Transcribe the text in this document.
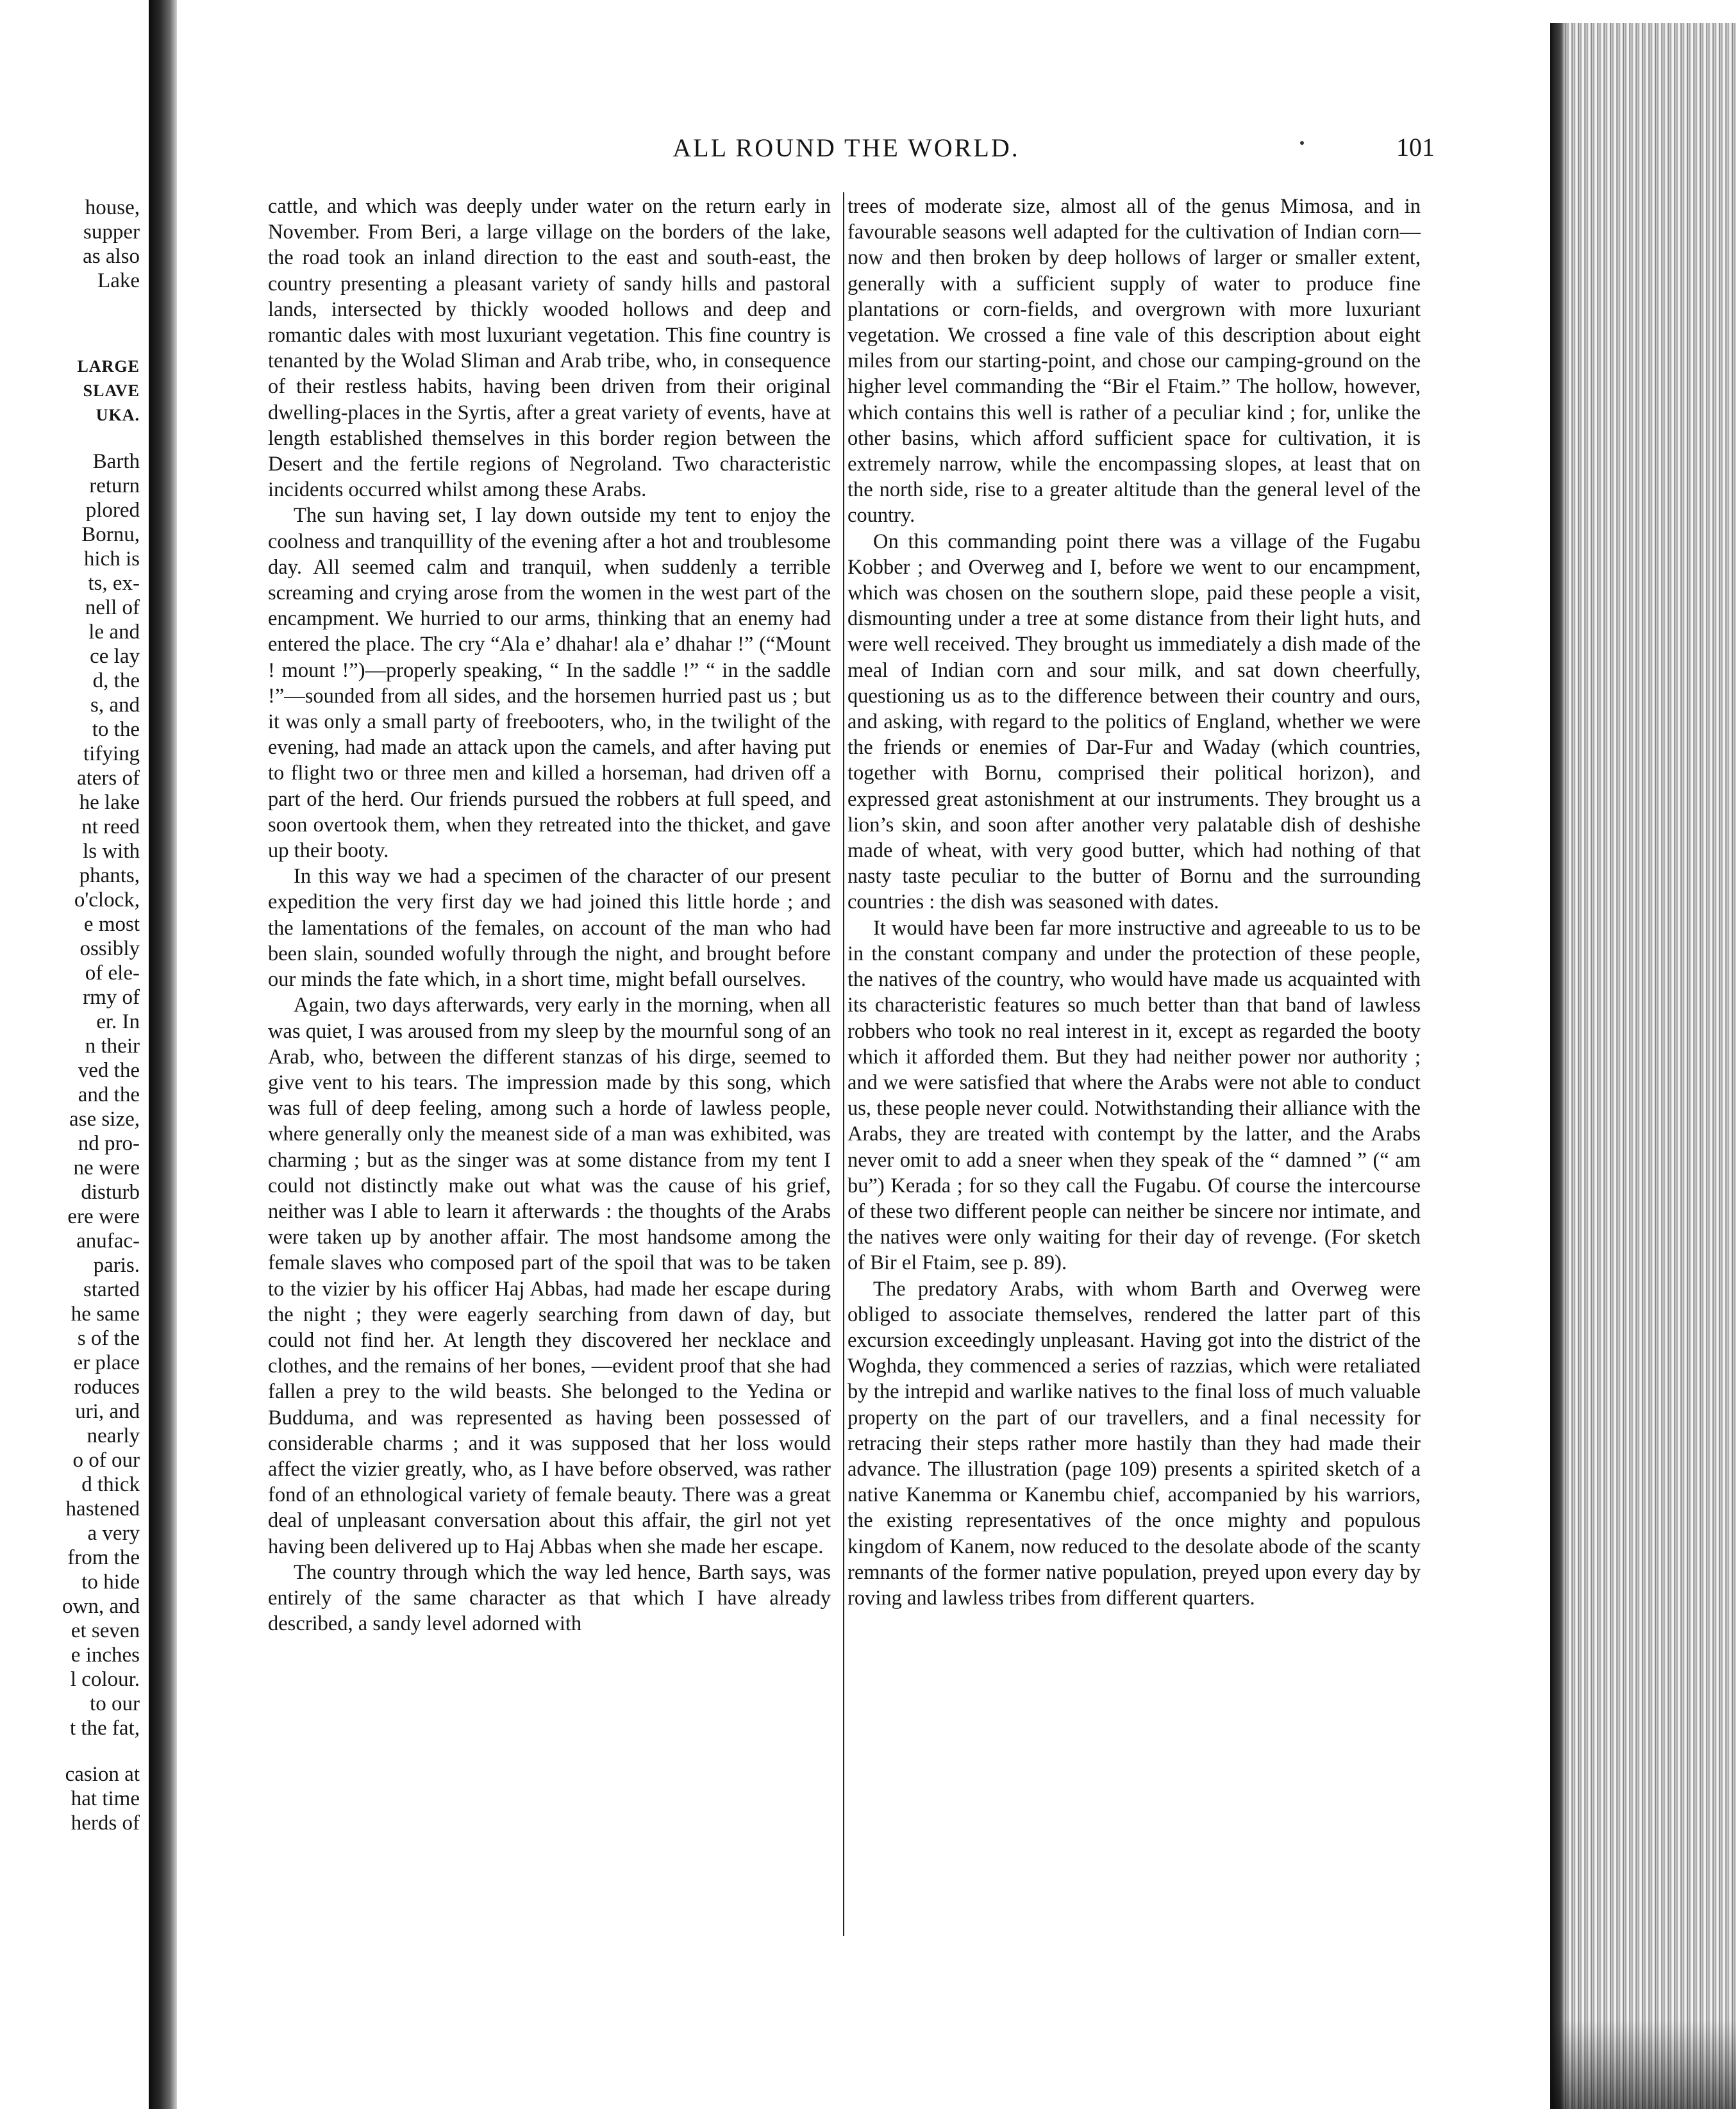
house,
supper
as also
Lake
LARGE
SLAVE
UKA.
Barth
return
plored
Bornu,
hich is
ts, ex-
nell of
le and
ce lay
d, the
s, and
to the
tifying
aters of
he lake
nt reed
ls with
phants,
o'clock,
e most
ossibly
of ele-
rmy of
er. In
n their
ved the
and the
ase size,
nd pro-
ne were
disturb
ere were
anufac-
paris.
started
he same
s of the
er place
roduces
uri, and
nearly
o of our
d thick
hastened
a very
from the
to hide
own, and
et seven
e inches
l colour.
to our
t the fat,
casion at
hat time
herds of
ALL ROUND THE WORLD.	101

cattle, and which was deeply under water on the return early in November. From Beri, a large village on the borders of the lake, the road took an inland direction to the east and south-east, the country presenting a pleasant variety of sandy hills and pastoral lands, intersected by thickly wooded hollows and deep and romantic dales with most luxuriant vegetation. This fine country is tenanted by the Wolad Sliman and Arab tribe, who, in consequence of their restless habits, having been driven from their original dwelling-places in the Syrtis, after a great variety of events, have at length established themselves in this border region between the Desert and the fertile regions of Negroland. Two characteristic incidents occurred whilst among these Arabs.

The sun having set, I lay down outside my tent to enjoy the coolness and tranquillity of the evening after a hot and troublesome day. All seemed calm and tranquil, when suddenly a terrible screaming and crying arose from the women in the west part of the encampment. We hurried to our arms, thinking that an enemy had entered the place. The cry “Ala e’ dhahar! ala e’ dhahar !” (“Mount ! mount !”)—properly speaking, “ In the saddle !” “ in the saddle !”—sounded from all sides, and the horsemen hurried past us ; but it was only a small party of freebooters, who, in the twilight of the evening, had made an attack upon the camels, and after having put to flight two or three men and killed a horseman, had driven off a part of the herd. Our friends pursued the robbers at full speed, and soon overtook them, when they retreated into the thicket, and gave up their booty.

In this way we had a specimen of the character of our present expedition the very first day we had joined this little horde ; and the lamentations of the females, on account of the man who had been slain, sounded wofully through the night, and brought before our minds the fate which, in a short time, might befall ourselves.

Again, two days afterwards, very early in the morning, when all was quiet, I was aroused from my sleep by the mournful song of an Arab, who, between the different stanzas of his dirge, seemed to give vent to his tears. The impression made by this song, which was full of deep feeling, among such a horde of lawless people, where generally only the meanest side of a man was exhibited, was charming ; but as the singer was at some distance from my tent I could not distinctly make out what was the cause of his grief, neither was I able to learn it afterwards : the thoughts of the Arabs were taken up by another affair. The most handsome among the female slaves who composed part of the spoil that was to be taken to the vizier by his officer Haj Abbas, had made her escape during the night ; they were eagerly searching from dawn of day, but could not find her. At length they discovered her necklace and clothes, and the remains of her bones, —evident proof that she had fallen a prey to the wild beasts. She belonged to the Yedina or Budduma, and was represented as having been possessed of considerable charms ; and it was supposed that her loss would affect the vizier greatly, who, as I have before observed, was rather fond of an ethnological variety of female beauty. There was a great deal of unpleasant conversation about this affair, the girl not yet having been delivered up to Haj Abbas when she made her escape.

The country through which the way led hence, Barth says, was entirely of the same character as that which I have already described, a sandy level adorned with

trees of moderate size, almost all of the genus Mimosa, and in favourable seasons well adapted for the cultivation of Indian corn—now and then broken by deep hollows of larger or smaller extent, generally with a sufficient supply of water to produce fine plantations or corn-fields, and overgrown with more luxuriant vegetation. We crossed a fine vale of this description about eight miles from our starting-point, and chose our camping-ground on the higher level commanding the “Bir el Ftaim.” The hollow, however, which contains this well is rather of a peculiar kind ; for, unlike the other basins, which afford sufficient space for cultivation, it is extremely narrow, while the encompassing slopes, at least that on the north side, rise to a greater altitude than the general level of the country.

On this commanding point there was a village of the Fugabu Kobber ; and Overweg and I, before we went to our encampment, which was chosen on the southern slope, paid these people a visit, dismounting under a tree at some distance from their light huts, and were well received. They brought us immediately a dish made of the meal of Indian corn and sour milk, and sat down cheerfully, questioning us as to the difference between their country and ours, and asking, with regard to the politics of England, whether we were the friends or enemies of Dar-Fur and Waday (which countries, together with Bornu, comprised their political horizon), and expressed great astonishment at our instruments. They brought us a lion’s skin, and soon after another very palatable dish of deshishe made of wheat, with very good butter, which had nothing of that nasty taste peculiar to the butter of Bornu and the surrounding countries : the dish was seasoned with dates.

It would have been far more instructive and agreeable to us to be in the constant company and under the protection of these people, the natives of the country, who would have made us acquainted with its characteristic features so much better than that band of lawless robbers who took no real interest in it, except as regarded the booty which it afforded them. But they had neither power nor authority ; and we were satisfied that where the Arabs were not able to conduct us, these people never could. Notwithstanding their alliance with the Arabs, they are treated with contempt by the latter, and the Arabs never omit to add a sneer when they speak of the “ damned ” (“ am bu”) Kerada ; for so they call the Fugabu. Of course the intercourse of these two different people can neither be sincere nor intimate, and the natives were only waiting for their day of revenge. (For sketch of Bir el Ftaim, see p. 89).

The predatory Arabs, with whom Barth and Overweg were obliged to associate themselves, rendered the latter part of this excursion exceedingly unpleasant. Having got into the district of the Woghda, they commenced a series of razzias, which were retaliated by the intrepid and warlike natives to the final loss of much valuable property on the part of our travellers, and a final necessity for retracing their steps rather more hastily than they had made their advance. The illustration (page 109) presents a spirited sketch of a native Kanemma or Kanembu chief, accompanied by his warriors, the existing representatives of the once mighty and populous kingdom of Kanem, now reduced to the desolate abode of the scanty remnants of the former native population, preyed upon every day by roving and lawless tribes from different quarters.
